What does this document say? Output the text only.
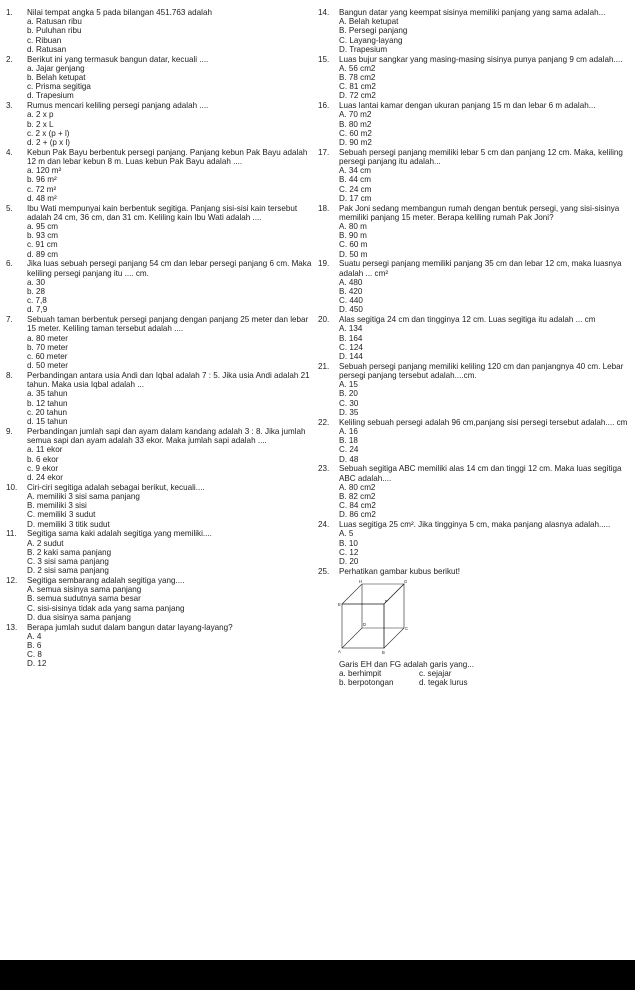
1.	Nilai tempat angka 5 pada bilangan 451.763 adalah
a. Ratusan ribu
b. Puluhan ribu
c. Ribuan
d. Ratusan
2.	Berikut ini yang termasuk bangun datar, kecuali ....
a. Jajar genjang
b. Belah ketupat
c. Prisma segitiga
d. Trapesium
3.	Rumus mencari keliling persegi panjang adalah ....
a. 2 x p
b. 2 x L
c. 2 x (p + l)
d. 2 + (p x l)
4.	Kebun Pak Bayu berbentuk persegi panjang. Panjang kebun Pak Bayu adalah 12 m dan lebar kebun 8 m. Luas kebun Pak Bayu adalah ....
a. 120 m²
b. 96 m²
c. 72 m²
d. 48 m²
5.	Ibu Wati mempunyai kain berbentuk segitiga. Panjang sisi-sisi kain tersebut adalah 24 cm, 36 cm, dan 31 cm. Keliling kain Ibu Wati adalah ....
a. 95 cm
b. 93 cm
c. 91 cm
d. 89 cm
6.	Jika luas sebuah persegi panjang 54 cm dan lebar persegi panjang 6 cm. Maka keliling persegi panjang itu .... cm.
a. 30
b. 28
c. 7,8
d. 7,9
7.	Sebuah taman berbentuk persegi panjang dengan panjang 25 meter dan lebar 15 meter. Keliling taman tersebut adalah ....
a. 80 meter
b. 70 meter
c. 60 meter
d. 50 meter
8.	Perbandingan antara usia Andi dan Iqbal adalah 7 : 5. Jika usia Andi adalah 21 tahun. Maka usia Iqbal adalah ...
a. 35 tahun
b. 12 tahun
c. 20 tahun
d. 15 tahun
9.	Perbandingan jumlah sapi dan ayam dalam kandang adalah 3 : 8. Jika jumlah semua sapi dan ayam adalah 33 ekor. Maka jumlah sapi adalah ....
a. 11 ekor
b. 6 ekor
c. 9 ekor
d. 24 ekor
10.	Ciri-ciri segitiga adalah sebagai berikut, kecuali....
A. memiliki 3 sisi sama panjang
B. memiliki 3 sisi
C. memiliki 3 sudut
D. memiliki 3 titik sudut
11.	Segitiga sama kaki adalah segitiga yang memiliki....
A. 2 sudut
B. 2 kaki sama panjang
C. 3 sisi sama panjang
D. 2 sisi sama panjang
12.	Segitiga sembarang adalah segitiga yang....
A. semua sisinya sama panjang
B. semua sudutnya sama besar
C. sisi-sisinya tidak ada yang sama panjang
D. dua sisinya sama panjang
13.	Berapa jumlah sudut dalam bangun datar layang-layang?
A. 4
B. 6
C. 8
D. 12
14.	Bangun datar yang keempat sisinya memiliki panjang yang sama adalah...
A. Belah ketupat
B. Persegi panjang
C. Layang-layang
D. Trapesium
15.	Luas bujur sangkar yang masing-masing sisinya punya panjang 9 cm adalah....
A. 56 cm2
B. 78 cm2
C. 81 cm2
D. 72 cm2
16.	Luas lantai kamar dengan ukuran panjang 15 m dan lebar 6 m adalah...
A. 70 m2
B. 80 m2
C. 60 m2
D. 90 m2
17.	Sebuah persegi panjang memiliki lebar 5 cm dan panjang 12 cm. Maka, keliling persegi panjang itu adalah...
A. 34 cm
B. 44 cm
C. 24 cm
D. 17 cm
18.	Pak Joni sedang membangun rumah dengan bentuk persegi, yang sisi-sisinya memiliki panjang 15 meter. Berapa keliling rumah Pak Joni?
A. 80 m
B. 90 m
C. 60 m
D. 50 m
19.	Suatu persegi panjang memiliki panjang 35 cm dan lebar 12 cm, maka luasnya adalah ... cm²
A. 480
B. 420
C. 440
D. 450
20.	Alas segitiga 24 cm dan tingginya 12 cm. Luas segitiga itu adalah ... cm
A. 134
B. 164
C. 124
D. 144
21.	Sebuah persegi panjang memiliki keliling 120 cm dan panjangnya 40 cm. Lebar persegi panjang tersebut adalah....cm.
A. 15
B. 20
C. 30
D. 35
22.	Keliling sebuah persegi adalah 96 cm,panjang sisi persegi tersebut adalah.... cm
A. 16
B. 18
C. 24
D. 48
23.	Sebuah segitiga ABC memiliki alas 14 cm dan tinggi 12 cm. Maka luas segitiga ABC adalah....
A. 80 cm2
B. 82 cm2
C. 84 cm2
D. 86 cm2
24.	Luas segitiga 25 cm². Jika tingginya 5 cm, maka panjang alasnya adalah.....
A. 5
B. 10
C. 12
D. 20
25.	Perhatikan gambar kubus berikut!
H	G
E
F
D
C
A	B
Garis EH dan FG adalah garis yang...
a. berhimpit	c. sejajar
b. berpotongan	d. tegak lurus
